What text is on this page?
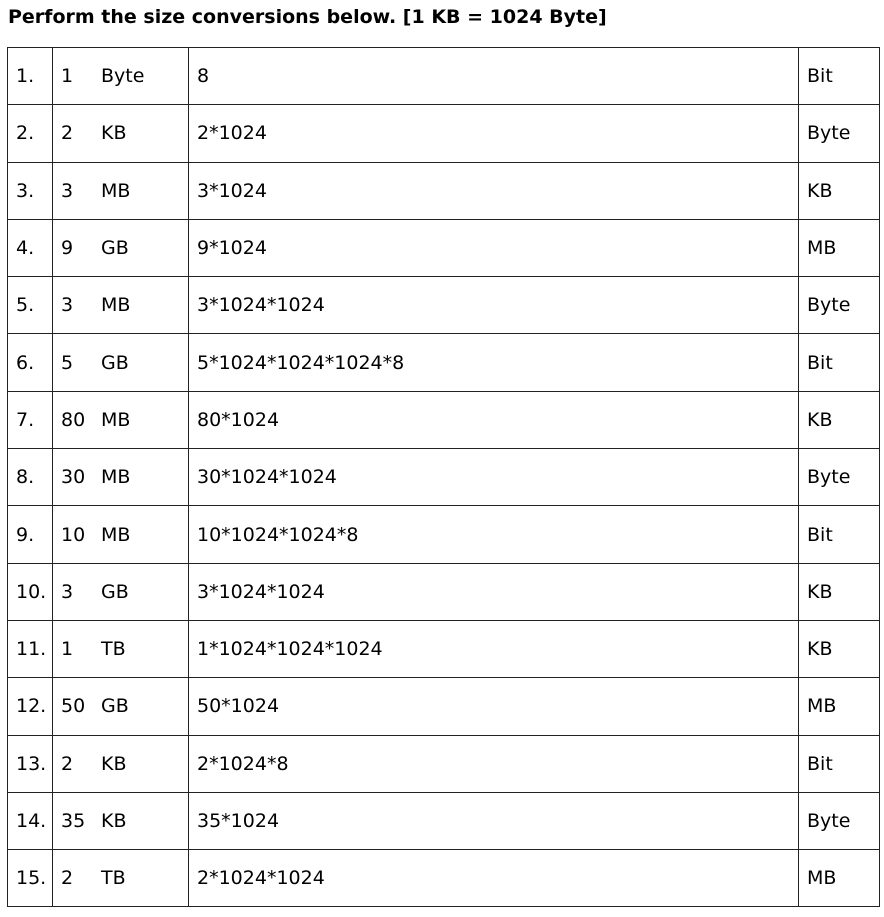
Perform the size conversions below. [1 KB = 1024 Byte]
1.	1 Byte	8	Bit
2.	2 KB	2*1024	Byte
3.	3 MB	3*1024	KB
4.	9 GB	9*1024	MB
5.	3 MB	3*1024*1024	Byte
6.	5 GB	5*1024*1024*1024*8	Bit
7.	80 MB	80*1024	KB
8.	30 MB	30*1024*1024	Byte
9.	10 MB	10*1024*1024*8	Bit
10.	3 GB	3*1024*1024	KB
11.	1 TB	1*1024*1024*1024	KB
12.	50 GB	50*1024	MB
13.	2 KB	2*1024*8	Bit
14.	35 KB	35*1024	Byte
15.	2 TB	2*1024*1024	MB
